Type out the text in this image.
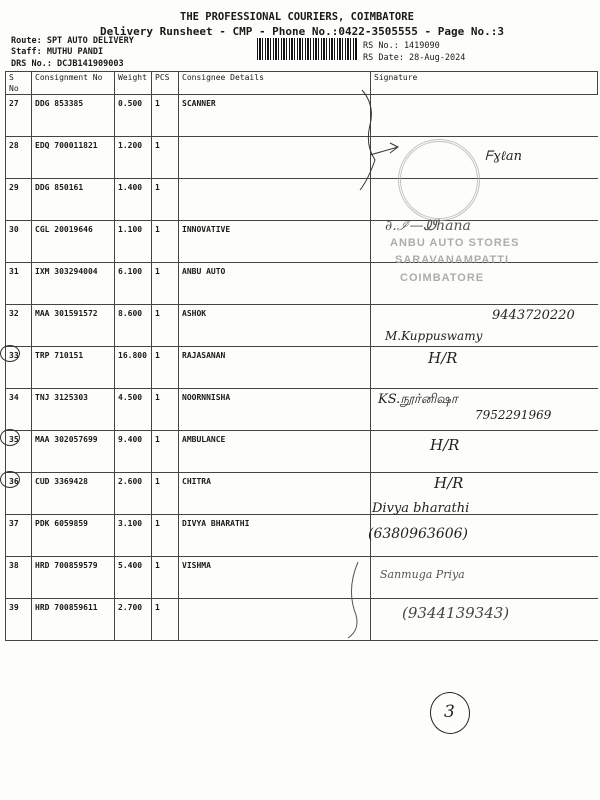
THE PROFESSIONAL COURIERS, COIMBATORE
Delivery Runsheet - CMP - Phone No.:0422-3505555 - Page No.:3
Route: SPT AUTO DELIVERY
Staff: MUTHU PANDI
DRS No.: DCJB141909003
RS No.: 1419090
RS Date: 28-Aug-2024
S No	Consignment No	Weight	PCS	Consignee Details	Signature
27	DDG 853385	0.500	1	SCANNER	
28	EDQ 700011821	1.200	1		
29	DDG 850161	1.400	1		
30	CGL 20019646	1.100	1	INNOVATIVE	
31	IXM 303294004	6.100	1	ANBU AUTO	
32	MAA 301591572	8.600	1	ASHOK	
33	TRP 710151	16.800	1	RAJASANAN	
34	TNJ 3125303	4.500	1	NOORNNISHA	
35	MAA 302057699	9.400	1	AMBULANCE	
36	CUD 3369428	2.600	1	CHITRA	
37	PDK 6059859	3.100	1	DIVYA BHARATHI	
38	HRD 700859579	5.400	1	VISHMA	
39	HRD 700859611	2.700	1		
ᖴɣℓan
∂.ℐ—Ꮺhana
ANBU AUTO STORES
SARAVANAMPATTI
COIMBATORE
9443720220
M.Kuppuswamy
H/R
KS.நூர்னிஷா
7952291969
H/R
H/R
Divya bharathi
(6380963606)
Sanmuga Priya
(9344139343)
3
